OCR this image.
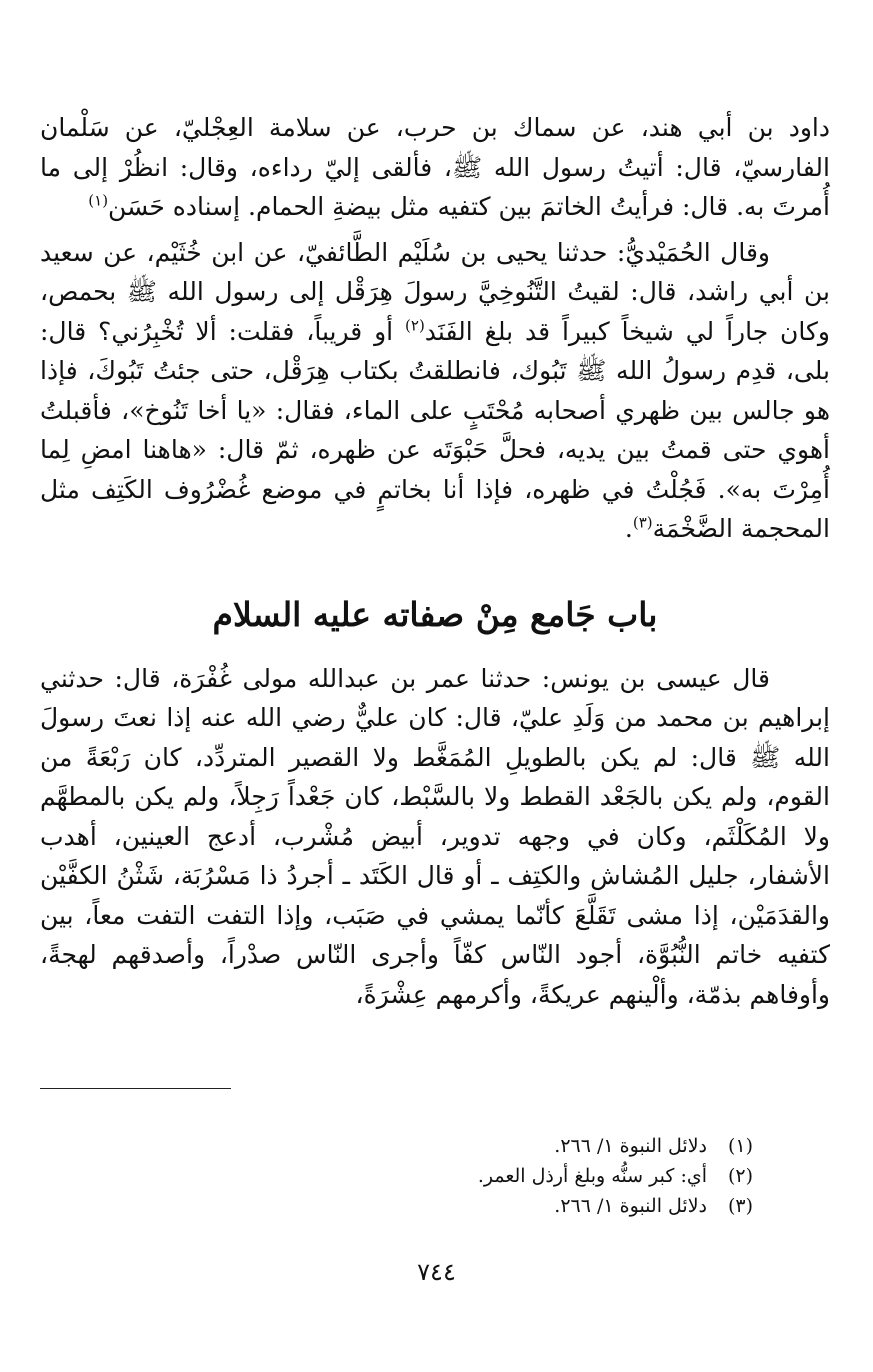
داود بن أبي هند، عن سماك بن حرب، عن سلامة العِجْليّ، عن سَلْمان الفارسيّ، قال: أتيتُ رسول الله ﷺ، فألقى إليّ رداءه، وقال: انظُرْ إلى ما أُمرتَ به. قال: فرأيتُ الخاتمَ بين كتفيه مثل بيضةِ الحمام. إسناده حَسَن$^{(١)}$

وقال الحُمَيْديُّ: حدثنا يحيى بن سُلَيْم الطَّائفيّ، عن ابن خُثَيْم، عن سعيد بن أبي راشد، قال: لقيتُ التَّنُوخِيَّ رسولَ هِرَقْل إلى رسول الله ﷺ بحمص، وكان جاراً لي شيخاً كبيراً قد بلغ الفَنَد$^{(٢)}$ أو قريباً، فقلت: ألا تُخْبِرُني؟ قال: بلى، قدِم رسولُ الله ﷺ تَبُوك، فانطلقتُ بكتاب هِرَقْل، حتى جئتُ تَبُوكَ، فإذا هو جالس بين ظهري أصحابه مُحْتَبٍ على الماء، فقال: «يا أخا تَنُوخ»، فأقبلتُ أهوي حتى قمتُ بين يديه، فحلَّ حَبْوَتَه عن ظهره، ثمّ قال: «هاهنا امضِ لِما أُمِرْتَ به». فَجُلْتُ في ظهره، فإذا أنا بخاتمٍ في موضع غُضْرُوف الكَتِف مثل المحجمة الضَّخْمَة$^{(٣)}$.

باب جَامع مِنْ صفاته عليه السلام

قال عيسى بن يونس: حدثنا عمر بن عبدالله مولى غُفْرَة، قال: حدثني إبراهيم بن محمد من وَلَدِ عليّ، قال: كان عليٌّ رضي الله عنه إذا نعتَ رسولَ الله ﷺ قال: لم يكن بالطويلِ المُمَغَّط ولا القصير المتردِّد، كان رَبْعَةً من القوم، ولم يكن بالجَعْد القطط ولا بالسَّبْط، كان جَعْداً رَجِلاً، ولم يكن بالمطهَّم ولا المُكَلْثَم، وكان في وجهه تدوير، أبيض مُشْرب، أدعج العينين، أهدب الأشفار، جليل المُشاش والكتِف ـ أو قال الكَتَد ـ أجردُ ذا مَسْرُبَة، شَثْنُ الكفَّيْن والقدَمَيْن، إذا مشى تَقَلَّعَ كأنّما يمشي في صَبَب، وإذا التفت التفت معاً، بين كتفيه خاتم النُّبُوَّة، أجود النّاس كفّاً وأجرى النّاس صدْراً، وأصدقهم لهجةً، وأوفاهم بذمّة، وألْينهم عريكةً، وأكرمهم عِشْرَةً،

(١)دلائل النبوة ١/ ٢٦٦.

(٢)أي: كبر سنُّه وبلغ أرذل العمر.

(٣)دلائل النبوة ١/ ٢٦٦.

٧٤٤
